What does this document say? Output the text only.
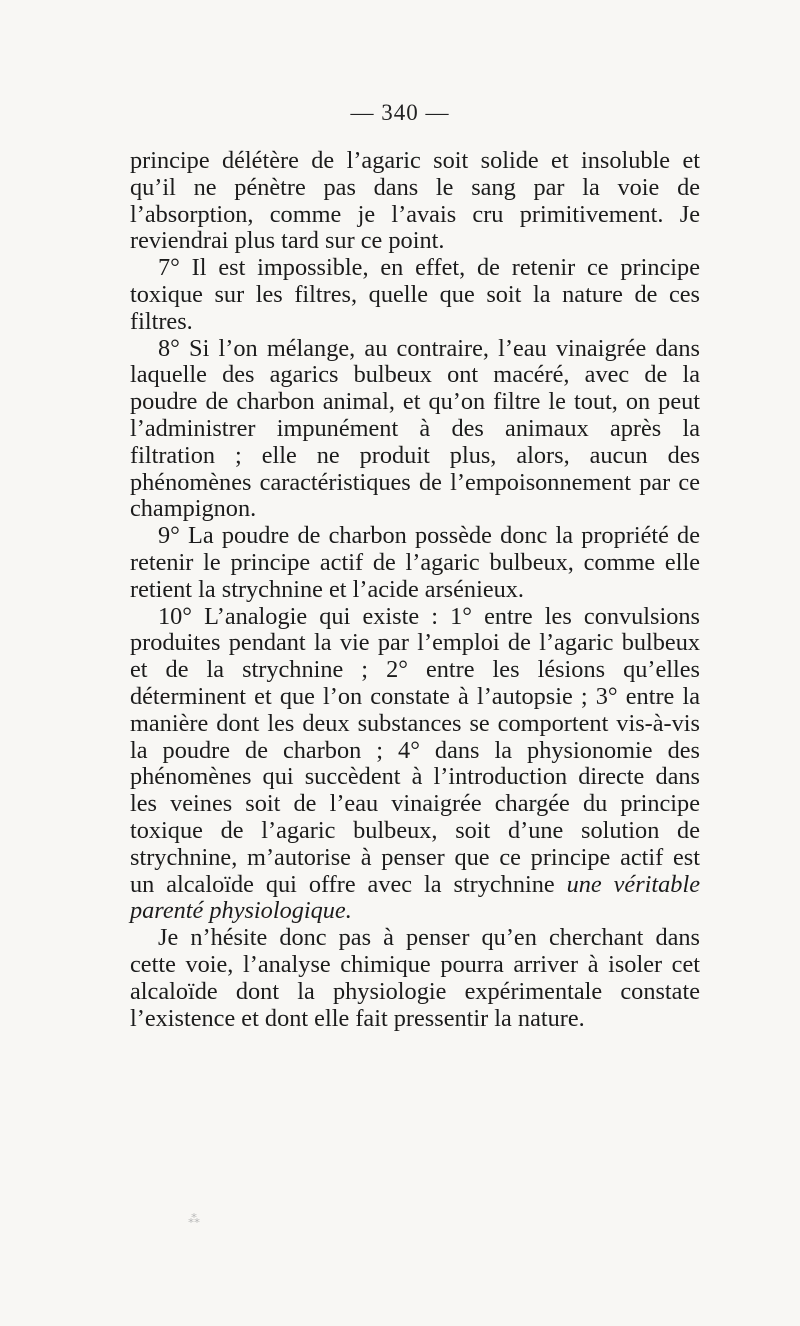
— 340 —

principe délétère de l’agaric soit solide et insoluble et qu’il ne pénètre pas dans le sang par la voie de l’absorption, comme je l’avais cru primitivement. Je reviendrai plus tard sur ce point.

7° Il est impossible, en effet, de retenir ce principe toxique sur les filtres, quelle que soit la nature de ces filtres.

8° Si l’on mélange, au contraire, l’eau vinaigrée dans laquelle des agarics bulbeux ont macéré, avec de la poudre de charbon animal, et qu’on filtre le tout, on peut l’administrer impunément à des animaux après la filtration ; elle ne produit plus, alors, aucun des phénomènes caractéristiques de l’empoisonnement par ce champignon.

9° La poudre de charbon possède donc la propriété de retenir le principe actif de l’agaric bulbeux, comme elle retient la strychnine et l’acide arsénieux.

10° L’analogie qui existe : 1° entre les convulsions produites pendant la vie par l’emploi de l’agaric bulbeux et de la strychnine ; 2° entre les lésions qu’elles déterminent et que l’on constate à l’autopsie ; 3° entre la manière dont les deux substances se comportent vis-à-vis la poudre de charbon ; 4° dans la physionomie des phénomènes qui succèdent à l’introduction directe dans les veines soit de l’eau vinaigrée chargée du principe toxique de l’agaric bulbeux, soit d’une solution de strychnine, m’autorise à penser que ce principe actif est un alcaloïde qui offre avec la strychnine une véritable parenté physiologique.

Je n’hésite donc pas à penser qu’en cherchant dans cette voie, l’analyse chimique pourra arriver à isoler cet alcaloïde dont la physiologie expérimentale constate l’existence et dont elle fait pressentir la nature.

⁂
